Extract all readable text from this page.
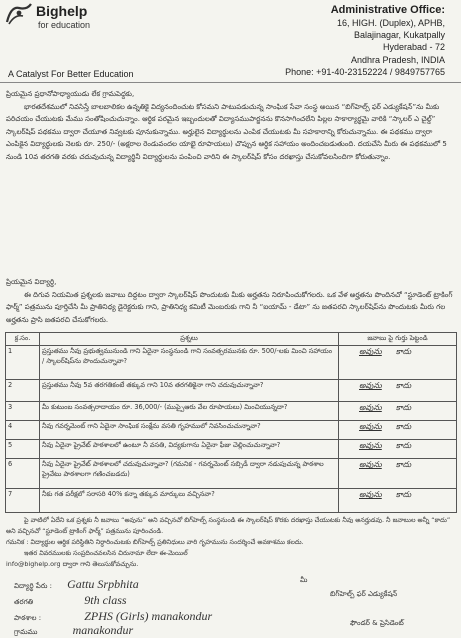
Bighelp
for education
A Catalyst For Better Education
Administrative Office:
16, HIGH. (Duplex), APHB,
Balajinagar, Kukatpally
Hyderabad - 72
Andhra Pradesh, INDIA
Phone: +91-40-23152224 / 9849757765
ప్రియమైన ప్రధానోపాధ్యాయుడు లేక గ్రామపెద్దకు,
భారతదేశములో నివసిస్తే బాలబాలికల ఉన్నతికై విద్యనందించుట కోసమని పాటుపడుచున్న సాంఘిక సేవా సంస్థ అయిన “బిగ్‌హెల్ప్ ఫర్ ఎడ్యుకేషన్”ను మీకు పరిచయం చేయుటకు మేము సంతోషించుచున్నాం. ఆర్థిక పరమైన ఇబ్బందులతో విద్యాసముపార్జనను కొనసాగించలేని పిల్లల సాకార్యార్థమై వారికి “స్కాలర్‌ ఎ చైల్డ్” స్కాలర్‌షిప్ పథకము ద్వారా చేయూత నివ్వటకు పూనుకున్నాము. అర్హులైన విద్యార్థులను ఎంపిక చేయుటకు మీ సహకారాన్ని కోరుచున్నాము. ఈ పథకము ద్వారా ఎంపికైన విద్యార్థులకు నెలకు రూ. 250/- (అక్షరాల రెండువందల యాభై రూపాయలు) చొప్పున ఆర్థిక సహాయం అందించబడుతుంది. దయచేసి మీరు ఈ పథకములో 5 నుండి 10వ తరగతి వరకు చదువుచున్న విద్యార్థినీ విద్యార్థులను పంపించి వారిని ఈ స్కాలర్‌షిప్ కోసం దరఖాస్తు చేసుకోవలసిందిగా కోరుతున్నాం.
ప్రియమైన విద్యార్థి,
ఈ దిగువ నియమిత ప్రశ్నలకు జవాబు దిద్దటం ద్వారా స్కాలర్‌షిప్ పొందుటకు మీకు అర్హతను నిరూపించుకోగలరు. ఒక వేళ అర్హతను పొందినచో “స్టూడెంట్ ట్రాకింగ్ ఫార్మ్” పత్రమును పూర్తిచేసి మీ ప్రాతినిధ్య డైరెక్టరుకు గాని, ప్రాతినిధ్య కమిటీ మెంబరుకు గాని నీ “ఐయామ్ - డేటా” ను జతపరచి స్కాలర్‌షిప్‌ను పొందుటకు మీరు గల అర్హతను ప్రాసి జతపరచి చేసుకోగలరు.
క్ర.సం.	ప్రశ్నలు	జవాబు పై గుర్తు పెట్టండి
1	ప్రస్తుతము నీవు ప్రభుత్వమునుండి గాని ఏదైనా సంస్థనుండి గాని సంవత్సరమునకు రూ. 500/-లకు మించి సహాయం / స్కాలర్‌షిప్‌ను పొందుచున్నావా?	అవును కాదు
2	ప్రస్తుతము నీవు 5వ తరగతికంటే తక్కువ గాని 10వ తరగతికైనా గాని చదువుచున్నావా?	అవును కాదు
3	మీ కుటుంబ సంవత్సరాదాయం రూ. 36,000/- (ముప్పైఆరు వేల రూపాయలు) మించియున్నదా?	అవును కాదు
4	నీవు గవర్నమెంట్ గాని ఏదైనా సాంఘిక సంక్షేమ వసతి గృహములో నివసించుచున్నావా?	అవును కాదు
5	నీవు ఏదైనా ప్రైవేట్ పాఠశాలలో ఉంటూ నీ వసతి, విద్యకుగాను ఏదైనా ఫీజు చెల్లించుచున్నావా?	అవును కాదు
6	నీవు ఏదైనా ప్రైవేట్ పాఠశాలలో చదువుచున్నావా? (గమనిక - గవర్నమెంట్ సబ్సిడీ ద్వారా నడుపుచున్న పాఠశాల ప్రైవేటు పాఠశాలగా గణించబడదు)	అవును కాదు
7	నీకు గత పరీక్షలో సరాసరి 40% కన్నా తక్కువ మార్కులు వచ్చినవా?	అవును కాదు
పై వాటిలో ఏదేని ఒక ప్రశ్నకు నీ జవాబు “అవును” అని వచ్చినచో బిగ్‌హెల్ప్ సంస్థనుండి ఈ స్కాలర్‌షిప్ కొరకు దరఖాస్తు చేయుటకు నీవు అనర్హుడవు. నీ జవాబుల అన్నీ “కాదు” అని వచ్చినచో “స్టూడెంట్ ట్రాకింగ్ ఫార్మ్” పత్రమును పూరించండి.
గమనిక : విద్యార్థుల ఆర్థిక పరిస్థితిని నిర్ధారించుటకు బిగ్‌హెల్ప్ ప్రతినిధులు వారి గృహమును సందర్శించే అవకాశము కలదు.
ఇతర వివరములకు సంప్రదించవలసిన చిరునామా లేదా ఈ-మెయిల్
info@bighelp.org ద్వారా గాని తెలుసుకోవచ్చును.
విద్యార్థి పేరు : Gattu Srpbhita
తరగతి	9th class
పాఠశాల :	ZPHS (Girls) manakondur
గ్రామము	manakondur
మీ
బిగ్‌హెల్ప్ ఫర్ ఎడ్యుకేషన్
ఫౌండర్ & ప్రెసిడెంట్
